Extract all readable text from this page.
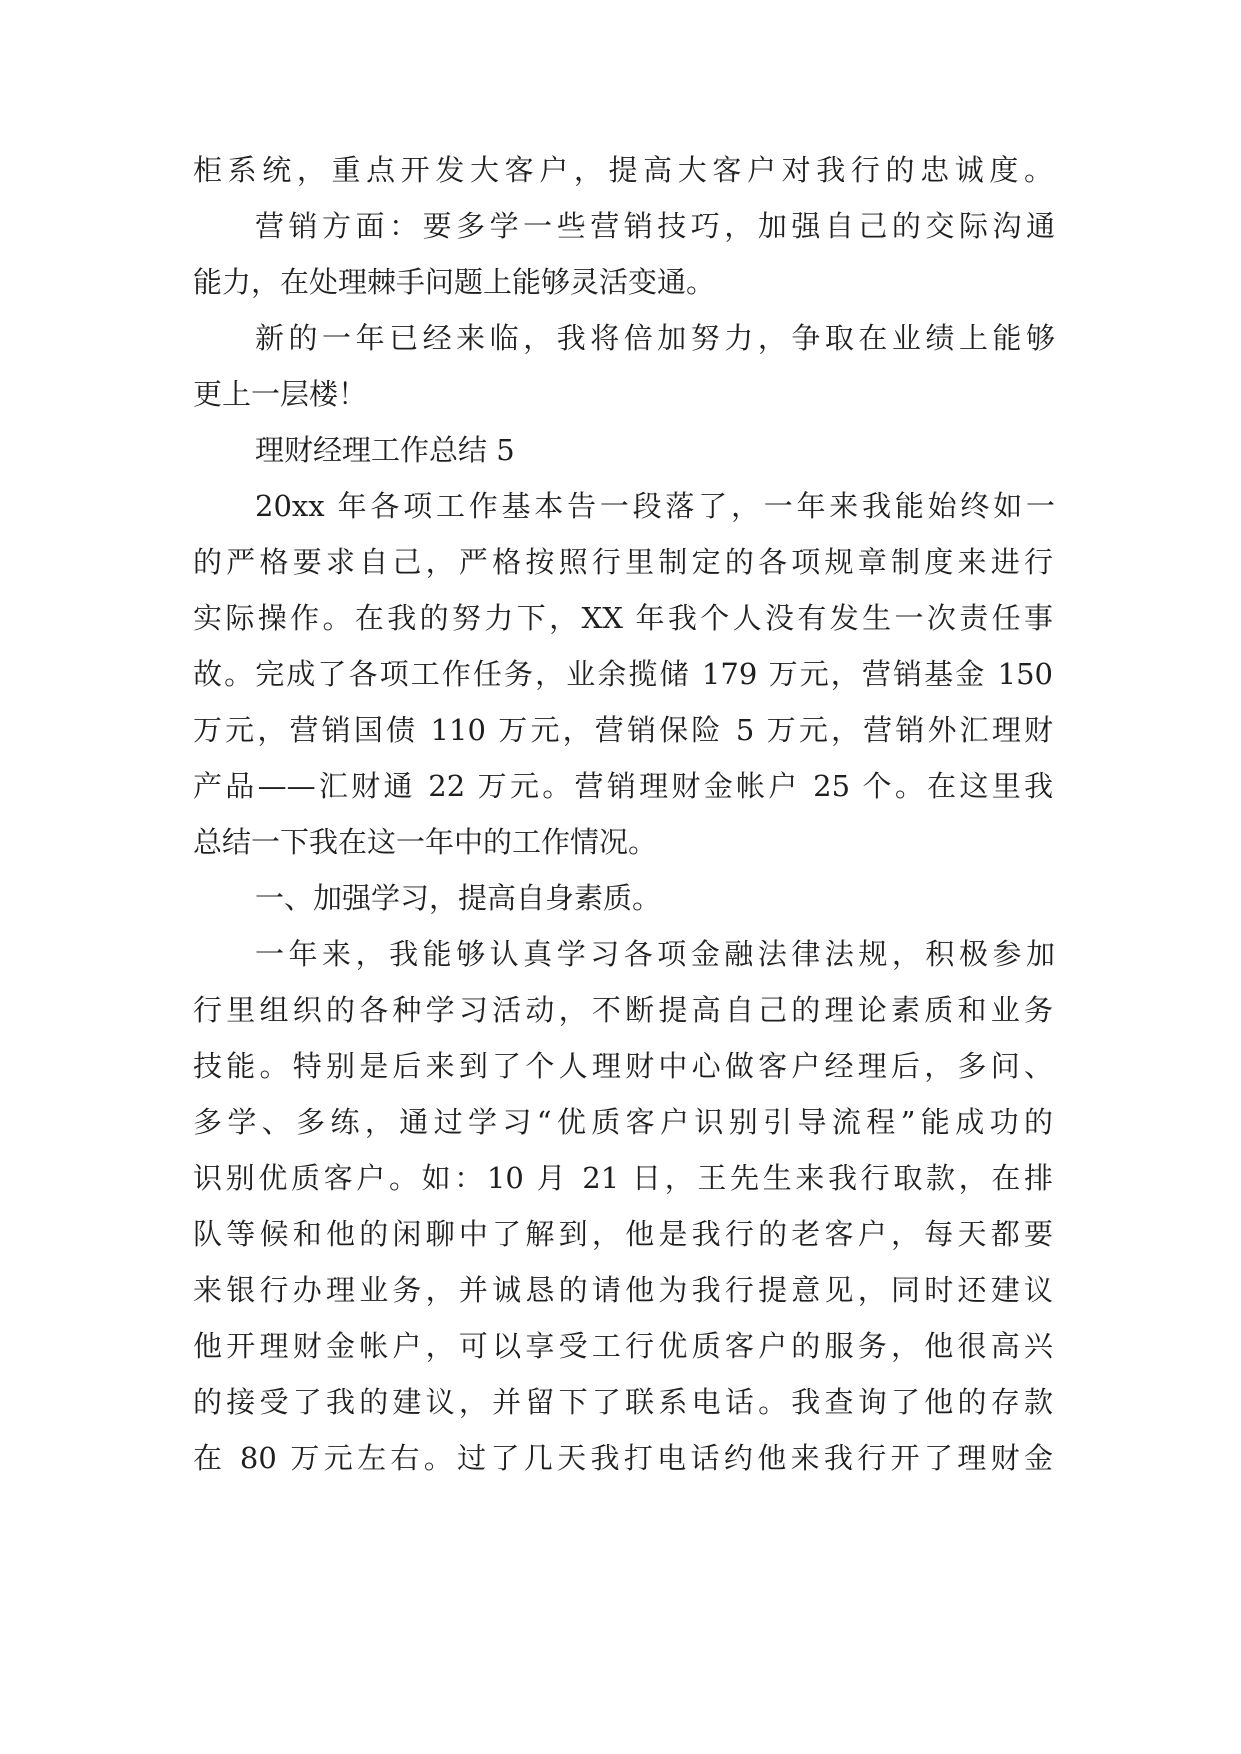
柜系统，重点开发大客户，提高大客户对我行的忠诚度。
营销方面：要多学一些营销技巧，加强自己的交际沟通
能力，在处理棘手问题上能够灵活变通。
新的一年已经来临，我将倍加努力，争取在业绩上能够
更上一层楼！
理财经理工作总结 5
20xx 年各项工作基本告一段落了，一年来我能始终如一
的严格要求自己，严格按照行里制定的各项规章制度来进行
实际操作。在我的努力下，XX 年我个人没有发生一次责任事
故。完成了各项工作任务，业余揽储 179 万元，营销基金 150
万元，营销国债 110 万元，营销保险 5 万元，营销外汇理财
产品——汇财通 22 万元。营销理财金帐户 25 个。在这里我
总结一下我在这一年中的工作情况。
一、加强学习，提高自身素质。
一年来，我能够认真学习各项金融法律法规，积极参加
行里组织的各种学习活动，不断提高自己的理论素质和业务
技能。特别是后来到了个人理财中心做客户经理后，多问、
多学、多练，通过学习“优质客户识别引导流程”能成功的
识别优质客户。如：10 月 21 日，王先生来我行取款，在排
队等候和他的闲聊中了解到，他是我行的老客户，每天都要
来银行办理业务，并诚恳的请他为我行提意见，同时还建议
他开理财金帐户，可以享受工行优质客户的服务，他很高兴
的接受了我的建议，并留下了联系电话。我查询了他的存款
在 80 万元左右。过了几天我打电话约他来我行开了理财金
